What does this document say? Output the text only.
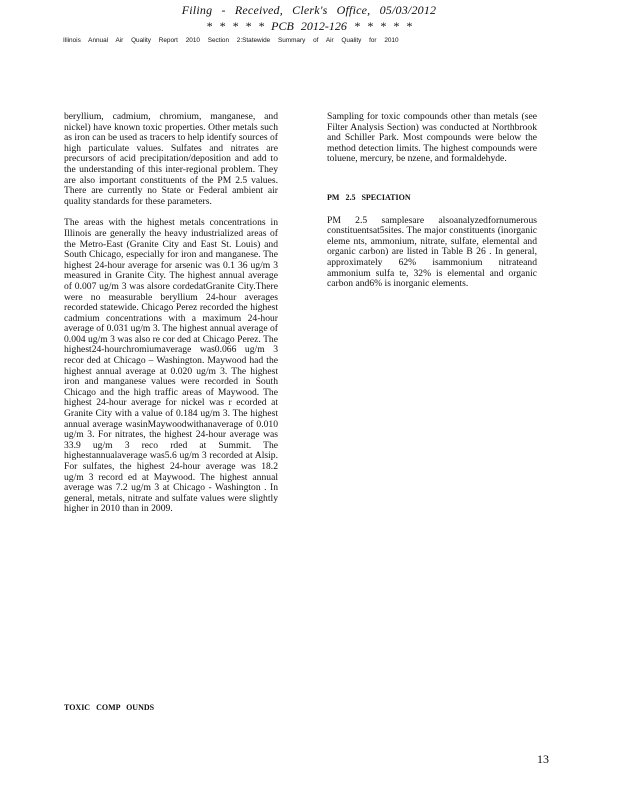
Filing - Received, Clerk's Office, 05/03/2012
* * * * * PCB 2012-126 * * * * *
Illinois Annual Air Quality Report 2010 Section 2:Statewide Summary of Air Quality for 2010

beryllium, cadmium, chromium, manganese, and nickel) have known toxic properties. Other metals such as iron can be used as tracers to help identify sources of high particulate values. Sulfates and nitrates are precursors of acid precipitation/deposition and add to the understanding of this inter-regional problem. They are also important constituents of the PM 2.5 values. There are currently no State or Federal ambient air quality standards for these parameters.

The areas with the highest metals concentrations in Illinois are generally the heavy industrialized areas of the Metro-East (Granite City and East St. Louis) and South Chicago, especially for iron and manganese. The highest 24-hour average for arsenic was 0.1 36 ug/m 3 measured in Granite City. The highest annual average of 0.007 ug/m 3 was alsore cordedatGranite City.There were no measurable beryllium 24-hour averages recorded statewide. Chicago Perez recorded the highest cadmium concentrations with a maximum 24-hour average of 0.031 ug/m 3. The highest annual average of 0.004 ug/m 3 was also re cor ded at Chicago Perez. The highest24-hourchromiumaverage was0.066 ug/m 3 recor ded at Chicago – Washington. Maywood had the highest annual average at 0.020 ug/m 3. The highest iron and manganese values were recorded in South Chicago and the high traffic areas of Maywood. The highest 24-hour average for nickel was r ecorded at Granite City with a value of 0.184 ug/m 3. The highest annual average wasinMaywoodwithanaverage of 0.010 ug/m 3. For nitrates, the highest 24-hour average was 33.9 ug/m 3 reco rded at Summit. The highestannualaverage was5.6 ug/m 3 recorded at Alsip. For sulfates, the highest 24-hour average was 18.2 ug/m 3 record ed at Maywood. The highest annual average was 7.2 ug/m 3 at Chicago - Washington . In general, metals, nitrate and sulfate values were slightly higher in 2010 than in 2009.

TOXIC COMP OUNDS

Sampling for toxic compounds other than metals (see Filter Analysis Section) was conducted at Northbrook and Schiller Park. Most compounds were below the method detection limits. The highest compounds were toluene, mercury, be nzene, and formaldehyde.

PM 2.5 SPECIATION

PM 2.5 samplesare alsoanalyzedfornumerous constituentsat5sites. The major constituents (inorganic eleme nts, ammonium, nitrate, sulfate, elemental and organic carbon) are listed in Table B 26 . In general, approximately 62% isammonium nitrateand ammonium sulfa te, 32% is elemental and organic carbon and6% is inorganic elements.

13
